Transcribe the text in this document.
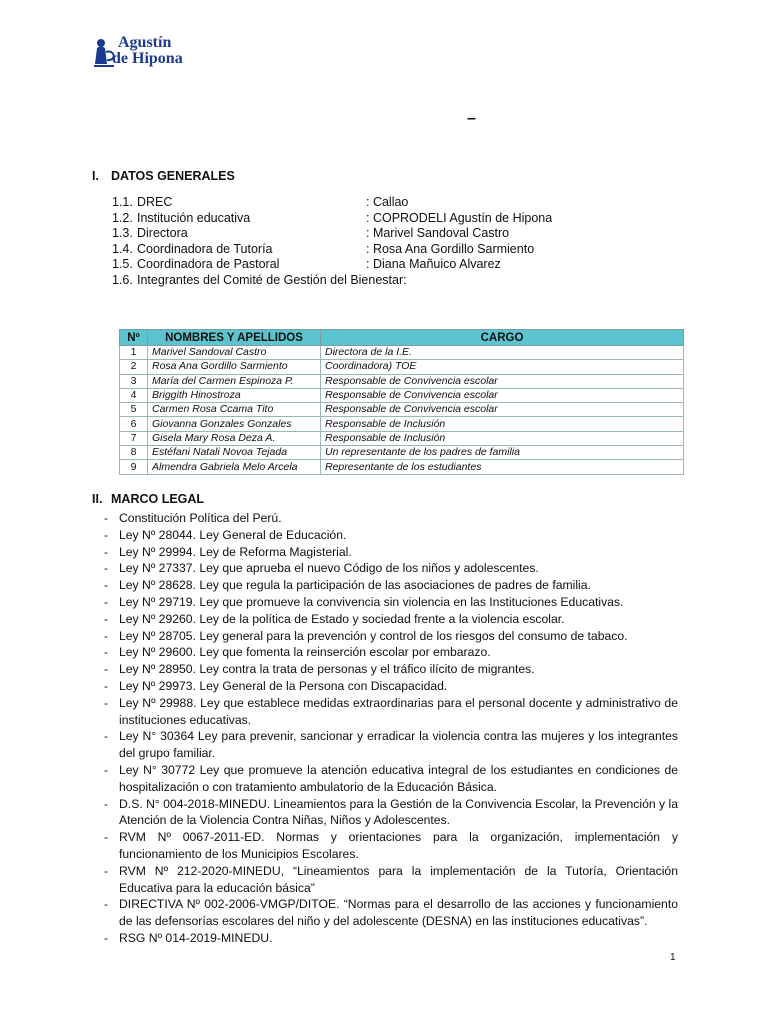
Agustín
de Hipona
–
I. DATOS GENERALES
1.1. DREC	: Callao
1.2. Institución educativa	: COPRODELI Agustín de Hipona
1.3. Directora	: Marivel Sandoval Castro
1.4. Coordinadora de Tutoría	: Rosa Ana Gordillo Sarmiento
1.5. Coordinadora de Pastoral	: Diana Mañuico Alvarez
1.6. Integrantes del Comité de Gestión del Bienestar:
Nº	NOMBRES Y APELLIDOS	CARGO
1	Marivel Sandoval Castro	Directora de la I.E.
2	Rosa Ana Gordillo Sarmiento	Coordinadora) TOE
3	María del Carmen Espinoza P.	Responsable de Convivencia escolar
4	Briggith Hinostroza	Responsable de Convivencia escolar
5	Carmen Rosa Ccama Tito	Responsable de Convivencia escolar
6	Giovanna Gonzales Gonzales	Responsable de Inclusión
7	Gisela Mary Rosa Deza A.	Responsable de Inclusión
8	Estéfani Natali Novoa Tejada	Un representante de los padres de familia
9	Almendra Gabriela Melo Arcela	Representante de los estudiantes
II. MARCO LEGAL
- Constitución Política del Perú.
- Ley Nº 28044. Ley General de Educación.
- Ley Nº 29994. Ley de Reforma Magisterial.
- Ley Nº 27337. Ley que aprueba el nuevo Código de los niños y adolescentes.
- Ley Nº 28628. Ley que regula la participación de las asociaciones de padres de familia.
- Ley Nº 29719. Ley que promueve la convivencia sin violencia en las Instituciones Educativas.
- Ley Nº 29260. Ley de la política de Estado y sociedad frente a la violencia escolar.
- Ley Nº 28705. Ley general para la prevención y control de los riesgos del consumo de tabaco.
- Ley Nº 29600. Ley que fomenta la reinserción escolar por embarazo.
- Ley Nº 28950. Ley contra la trata de personas y el tráfico ilícito de migrantes.
- Ley Nº 29973. Ley General de la Persona con Discapacidad.
- Ley Nº 29988. Ley que establece medidas extraordinarias para el personal docente y administrativo de instituciones educativas.
- Ley N° 30364 Ley para prevenir, sancionar y erradicar la violencia contra las mujeres y los integrantes del grupo familiar.
- Ley N° 30772 Ley que promueve la atención educativa integral de los estudiantes en condiciones de hospitalización o con tratamiento ambulatorio de la Educación Básica.
- D.S. N° 004-2018-MINEDU. Lineamientos para la Gestión de la Convivencia Escolar, la Prevención y la Atención de la Violencia Contra Niñas, Niños y Adolescentes.
- RVM Nº 0067-2011-ED. Normas y orientaciones para la organización, implementación y funcionamiento de los Municipios Escolares.
- RVM Nº 212-2020-MINEDU, “Lineamientos para la implementación de la Tutoría, Orientación Educativa para la educación básica”
- DIRECTIVA Nº 002-2006-VMGP/DITOE. “Normas para el desarrollo de las acciones y funcionamiento de las defensorías escolares del niño y del adolescente (DESNA) en las instituciones educativas”.
- RSG Nº 014-2019-MINEDU.
1
